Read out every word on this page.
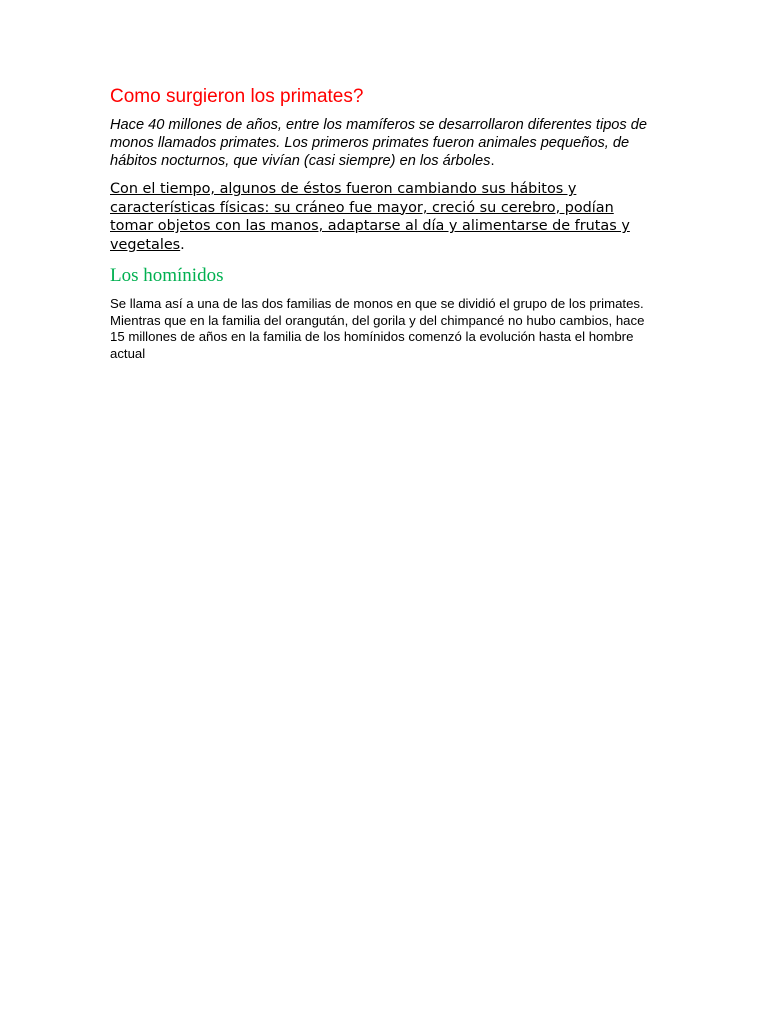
Como surgieron los primates?

Hace 40 millones de años, entre los mamíferos se desarrollaron diferentes tipos de monos llamados primates. Los primeros primates fueron animales pequeños, de hábitos nocturnos, que vivían (casi siempre) en los árboles.

Con el tiempo, algunos de éstos fueron cambiando sus hábitos y características físicas: su cráneo fue mayor, creció su cerebro, podían tomar objetos con las manos, adaptarse al día y alimentarse de frutas y vegetales.

Los homínidos

Se llama así a una de las dos familias de monos en que se dividió el grupo de los primates. Mientras que en la familia del orangután, del gorila y del chimpancé no hubo cambios, hace 15 millones de años en la familia de los homínidos comenzó la evolución hasta el hombre actual
